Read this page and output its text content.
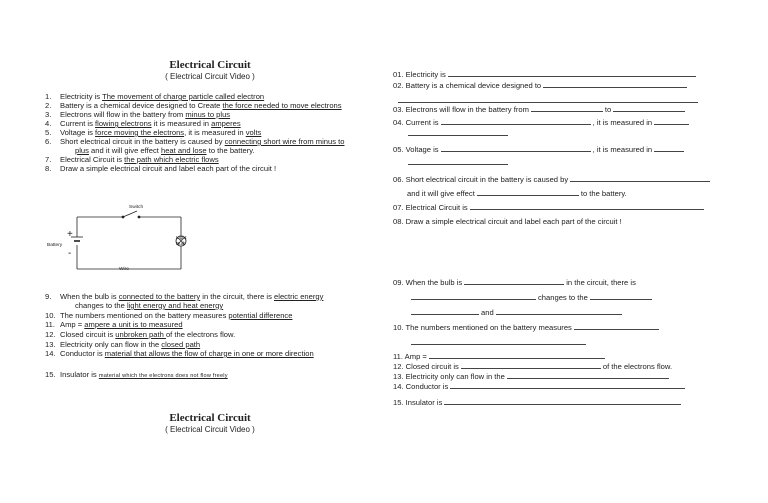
Electrical Circuit
( Electrical Circuit Video )
1. Electricity is The movement of charge particle called electron
2. Battery is a chemical device designed to Create the force needed to move electrons
3. Electrons will flow in the battery from minus to plus
4. Current is flowing electrons it is measured in amperes
5. Voltage is force moving the electrons, it is measured in volts
6. Short electrical circuit in the battery is caused by connecting short wire from minus to
plus and it will give effect heat and lose to the battery.
7. Electrical Circuit is the path which electric flows
8. Draw a simple electrical circuit and label each part of the circuit !
Switch
Light
Bulb
Battery
Wire
+
-
9. When the bulb is connected to the battery in the circuit, there is electric energy
changes to the light energy and heat energy
10. The numbers mentioned on the battery measures potential difference
11. Amp = ampere a unit is to measured
12. Closed circuit is unbroken path of the electrons flow.
13. Electricity only can flow in the closed path
14. Conductor is material that allows the flow of charge in one or more direction
15. Insulator is material which the electrons does not flow freely
Electrical Circuit
( Electrical Circuit Video )
01. Electricity is
02. Battery is a chemical device designed to
03. Electrons will flow in the battery from	to
04. Current is	, it is measured in
05. Voltage is	, it is measured in
06. Short electrical circuit in the battery is caused by
and it will give effect	to the battery.
07. Electrical Circuit is
08. Draw a simple electrical circuit and label each part of the circuit !
09. When the bulb is	in the circuit, there is
changes to the
and
10. The numbers mentioned on the battery measures
11. Amp =
12. Closed circuit is	of the electrons flow.
13. Electricity only can flow in the
14. Conductor is
15. Insulator is
